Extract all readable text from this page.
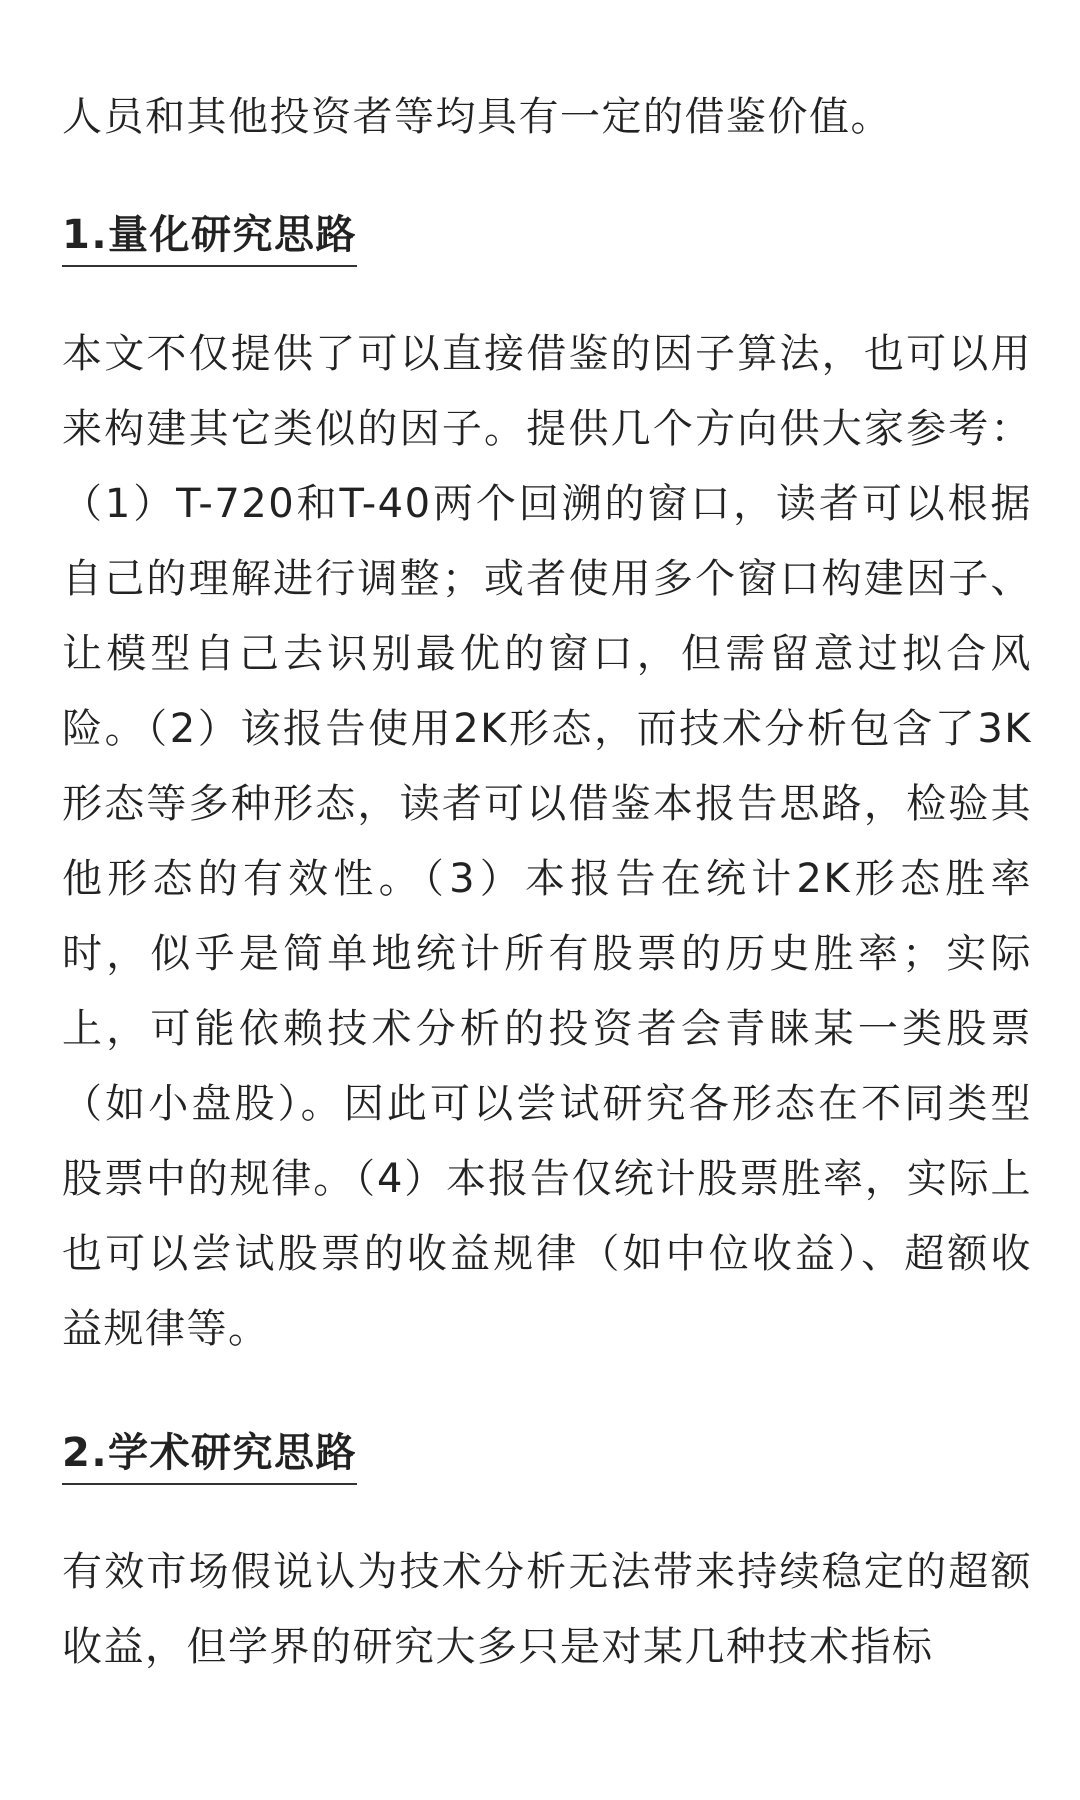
人员和其他投资者等均具有一定的借鉴价值。

1.量化研究思路

本文不仅提供了可以直接借鉴的因子算法，也可以用来构建其它类似的因子。提供几个方向供大家参考：（1）T-720和T-40两个回溯的窗口，读者可以根据自己的理解进行调整；或者使用多个窗口构建因子、让模型自己去识别最优的窗口，但需留意过拟合风险。（2）该报告使用2K形态，而技术分析包含了3K形态等多种形态，读者可以借鉴本报告思路，检验其他形态的有效性。（3）本报告在统计2K形态胜率时，似乎是简单地统计所有股票的历史胜率；实际上，可能依赖技术分析的投资者会青睐某一类股票（如小盘股）。因此可以尝试研究各形态在不同类型股票中的规律。（4）本报告仅统计股票胜率，实际上也可以尝试股票的收益规律（如中位收益）、超额收益规律等。

2.学术研究思路

有效市场假说认为技术分析无法带来持续稳定的超额收益，但学界的研究大多只是对某几种技术指标
